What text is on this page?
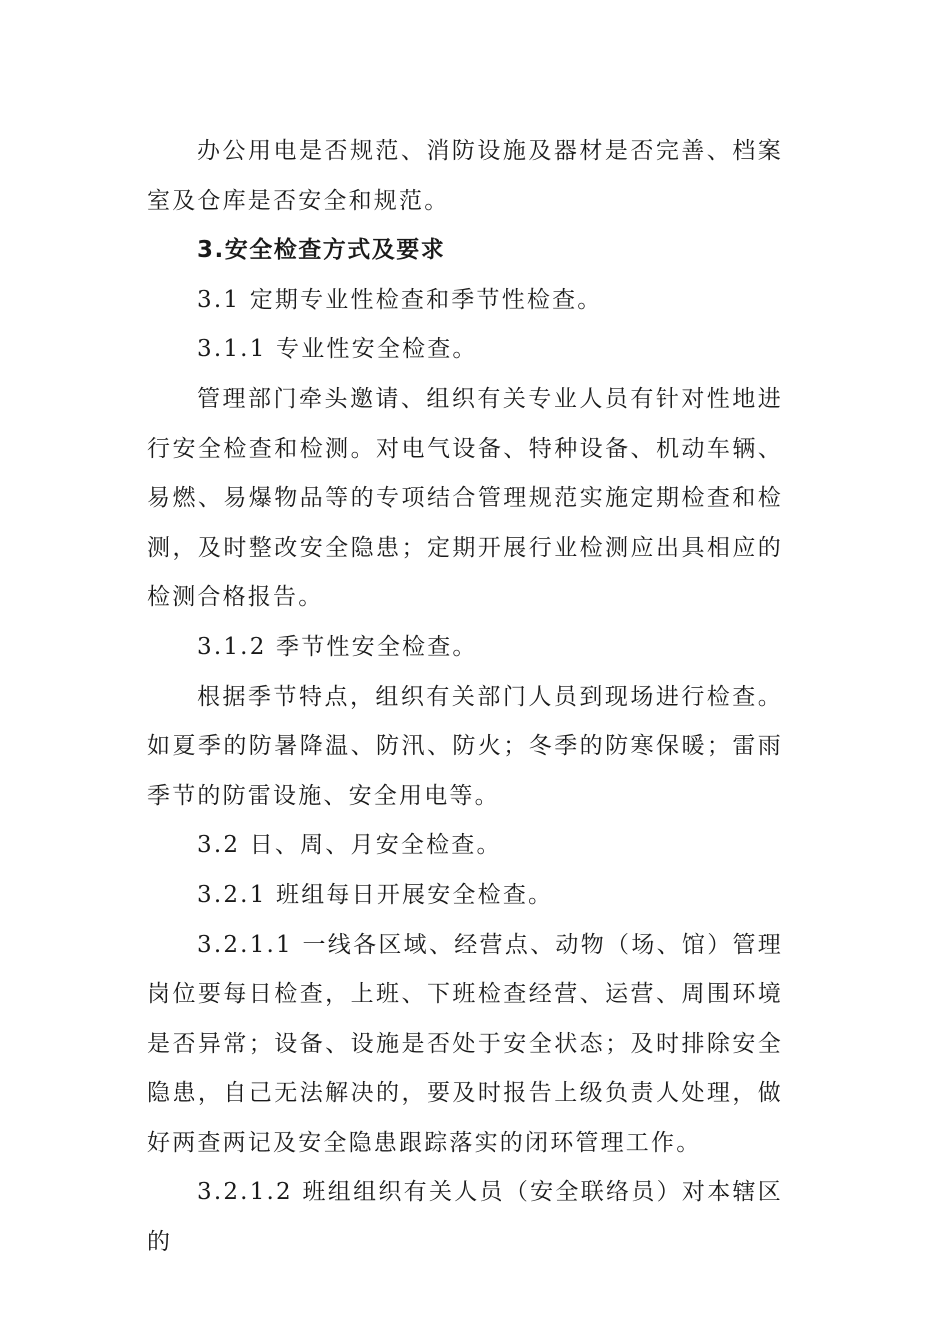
办公用电是否规范、消防设施及器材是否完善、档案室及仓库是否安全和规范。

3.安全检查方式及要求

3.1 定期专业性检查和季节性检查。

3.1.1 专业性安全检查。

管理部门牵头邀请、组织有关专业人员有针对性地进行安全检查和检测。对电气设备、特种设备、机动车辆、易燃、易爆物品等的专项结合管理规范实施定期检查和检测，及时整改安全隐患；定期开展行业检测应出具相应的检测合格报告。

3.1.2 季节性安全检查。

根据季节特点，组织有关部门人员到现场进行检查。如夏季的防暑降温、防汛、防火；冬季的防寒保暖；雷雨季节的防雷设施、安全用电等。

3.2 日、周、月安全检查。

3.2.1 班组每日开展安全检查。

3.2.1.1 一线各区域、经营点、动物（场、馆）管理岗位要每日检查，上班、下班检查经营、运营、周围环境是否异常；设备、设施是否处于安全状态；及时排除安全隐患，自己无法解决的，要及时报告上级负责人处理，做好两查两记及安全隐患跟踪落实的闭环管理工作。

3.2.1.2 班组组织有关人员（安全联络员）对本辖区的
